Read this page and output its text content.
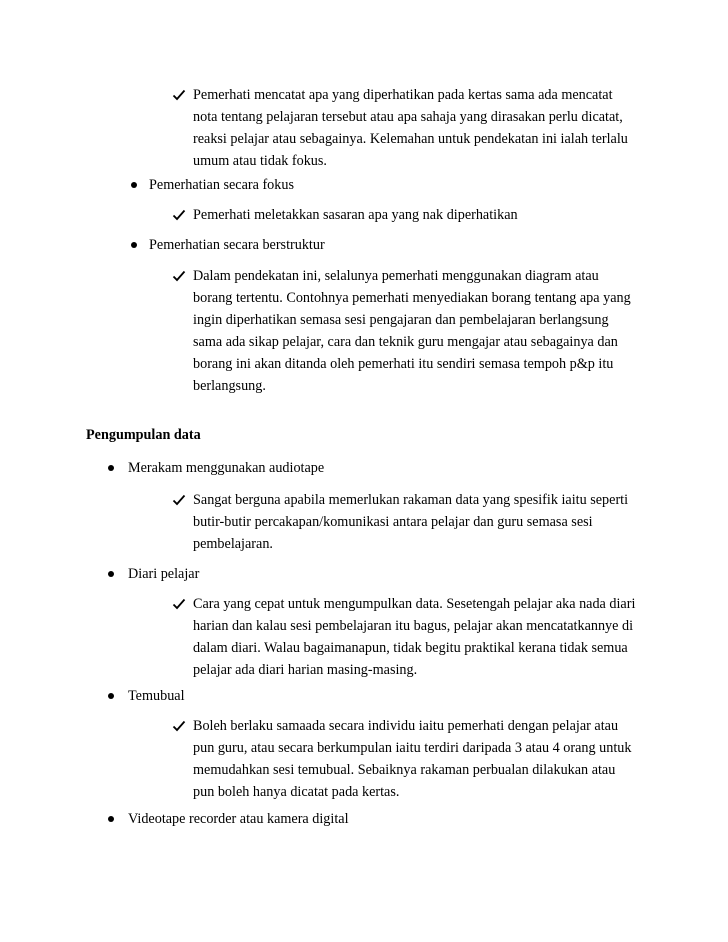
Pemerhati mencatat apa yang diperhatikan pada kertas sama ada mencatat
nota tentang pelajaran tersebut atau apa sahaja yang dirasakan perlu dicatat,
reaksi pelajar atau sebagainya. Kelemahan untuk pendekatan ini ialah terlalu
umum atau tidak fokus.
Pemerhatian secara fokus
Pemerhati meletakkan sasaran apa yang nak diperhatikan
Pemerhatian secara berstruktur
Dalam pendekatan ini, selalunya pemerhati menggunakan diagram atau
borang tertentu. Contohnya pemerhati menyediakan borang tentang apa yang
ingin diperhatikan semasa sesi pengajaran dan pembelajaran berlangsung
sama ada sikap pelajar, cara dan teknik guru mengajar atau sebagainya dan
borang ini akan ditanda oleh pemerhati itu sendiri semasa tempoh p&p itu
berlangsung.
Pengumpulan data
Merakam menggunakan audiotape
Sangat berguna apabila memerlukan rakaman data yang spesifik iaitu seperti
butir-butir percakapan/komunikasi antara pelajar dan guru semasa sesi
pembelajaran.
Diari pelajar
Cara yang cepat untuk mengumpulkan data. Sesetengah pelajar aka nada diari
harian dan kalau sesi pembelajaran itu bagus, pelajar akan mencatatkannye di
dalam diari. Walau bagaimanapun, tidak begitu praktikal kerana tidak semua
pelajar ada diari harian masing-masing.
Temubual
Boleh berlaku samaada secara individu iaitu pemerhati dengan pelajar atau
pun guru, atau secara berkumpulan iaitu terdiri daripada 3 atau 4 orang untuk
memudahkan sesi temubual. Sebaiknya rakaman perbualan dilakukan atau
pun boleh hanya dicatat pada kertas.
Videotape recorder atau kamera digital
